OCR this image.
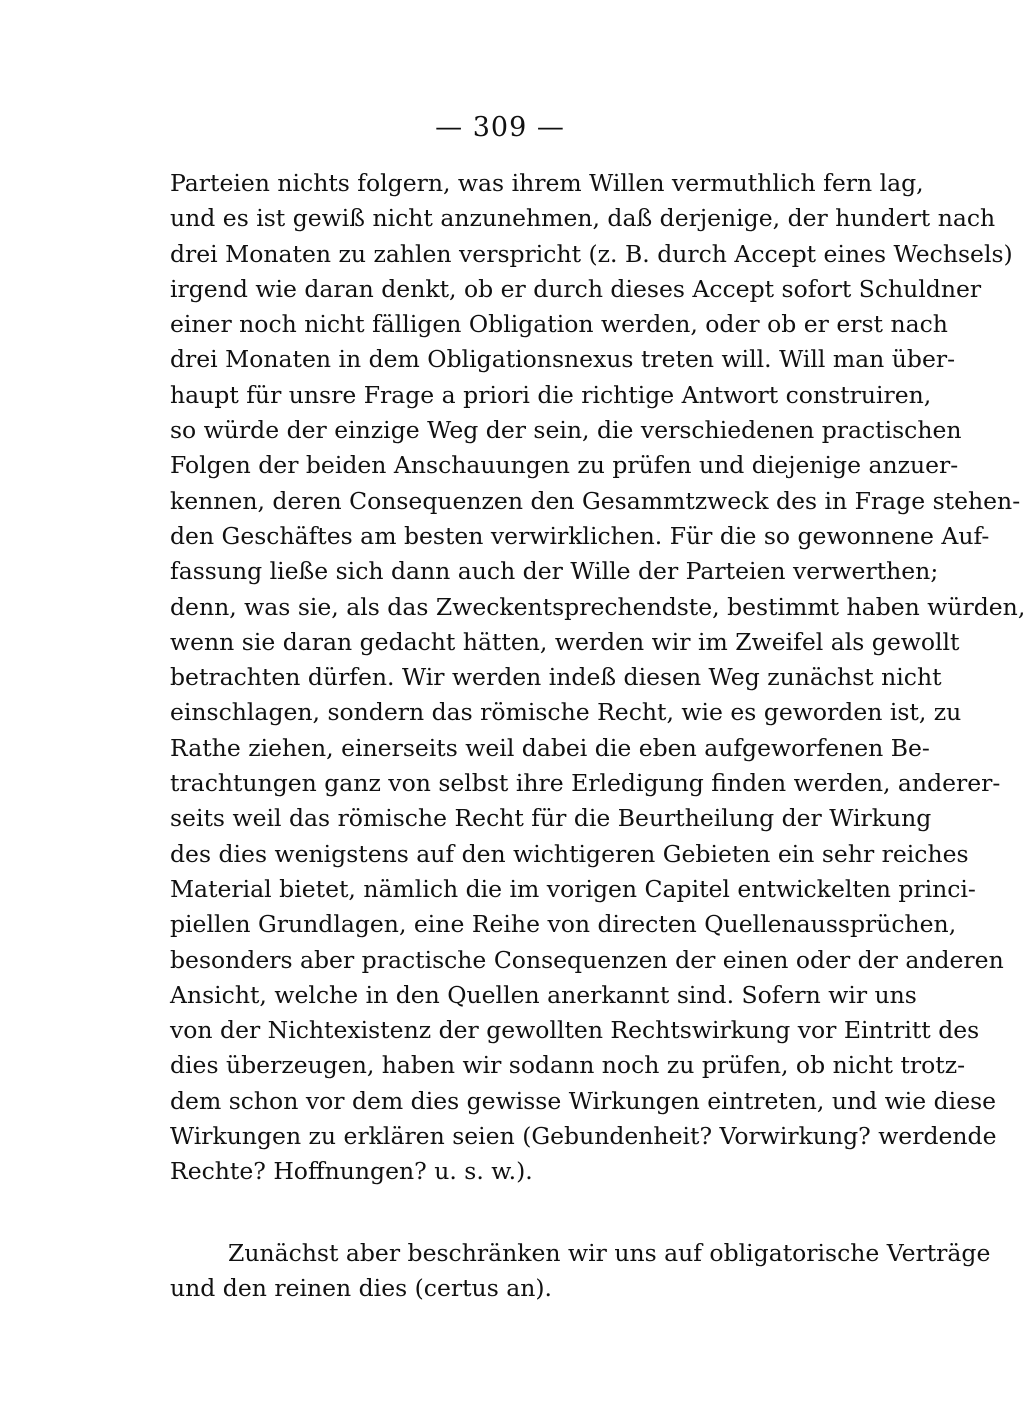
— 309 —
Parteien nichts folgern, was ihrem Willen vermuthlich fern lag,
und es ist gewiß nicht anzunehmen, daß derjenige, der hundert nach
drei Monaten zu zahlen verspricht (z. B. durch Accept eines Wechsels)
irgend wie daran denkt, ob er durch dieses Accept sofort Schuldner
einer noch nicht fälligen Obligation werden, oder ob er erst nach
drei Monaten in dem Obligationsnexus treten will. Will man über-
haupt für unsre Frage a priori die richtige Antwort construiren,
so würde der einzige Weg der sein, die verschiedenen practischen
Folgen der beiden Anschauungen zu prüfen und diejenige anzuer-
kennen, deren Consequenzen den Gesammtzweck des in Frage stehen-
den Geschäftes am besten verwirklichen. Für die so gewonnene Auf-
fassung ließe sich dann auch der Wille der Parteien verwerthen;
denn, was sie, als das Zweckentsprechendste, bestimmt haben würden,
wenn sie daran gedacht hätten, werden wir im Zweifel als gewollt
betrachten dürfen. Wir werden indeß diesen Weg zunächst nicht
einschlagen, sondern das römische Recht, wie es geworden ist, zu
Rathe ziehen, einerseits weil dabei die eben aufgeworfenen Be-
trachtungen ganz von selbst ihre Erledigung finden werden, anderer-
seits weil das römische Recht für die Beurtheilung der Wirkung
des dies wenigstens auf den wichtigeren Gebieten ein sehr reiches
Material bietet, nämlich die im vorigen Capitel entwickelten princi-
piellen Grundlagen, eine Reihe von directen Quellenaussprüchen,
besonders aber practische Consequenzen der einen oder der anderen
Ansicht, welche in den Quellen anerkannt sind. Sofern wir uns
von der Nichtexistenz der gewollten Rechtswirkung vor Eintritt des
dies überzeugen, haben wir sodann noch zu prüfen, ob nicht trotz-
dem schon vor dem dies gewisse Wirkungen eintreten, und wie diese
Wirkungen zu erklären seien (Gebundenheit? Vorwirkung? werdende
Rechte? Hoffnungen? u. s. w.).
Zunächst aber beschränken wir uns auf obligatorische Verträge
und den reinen dies (certus an).
